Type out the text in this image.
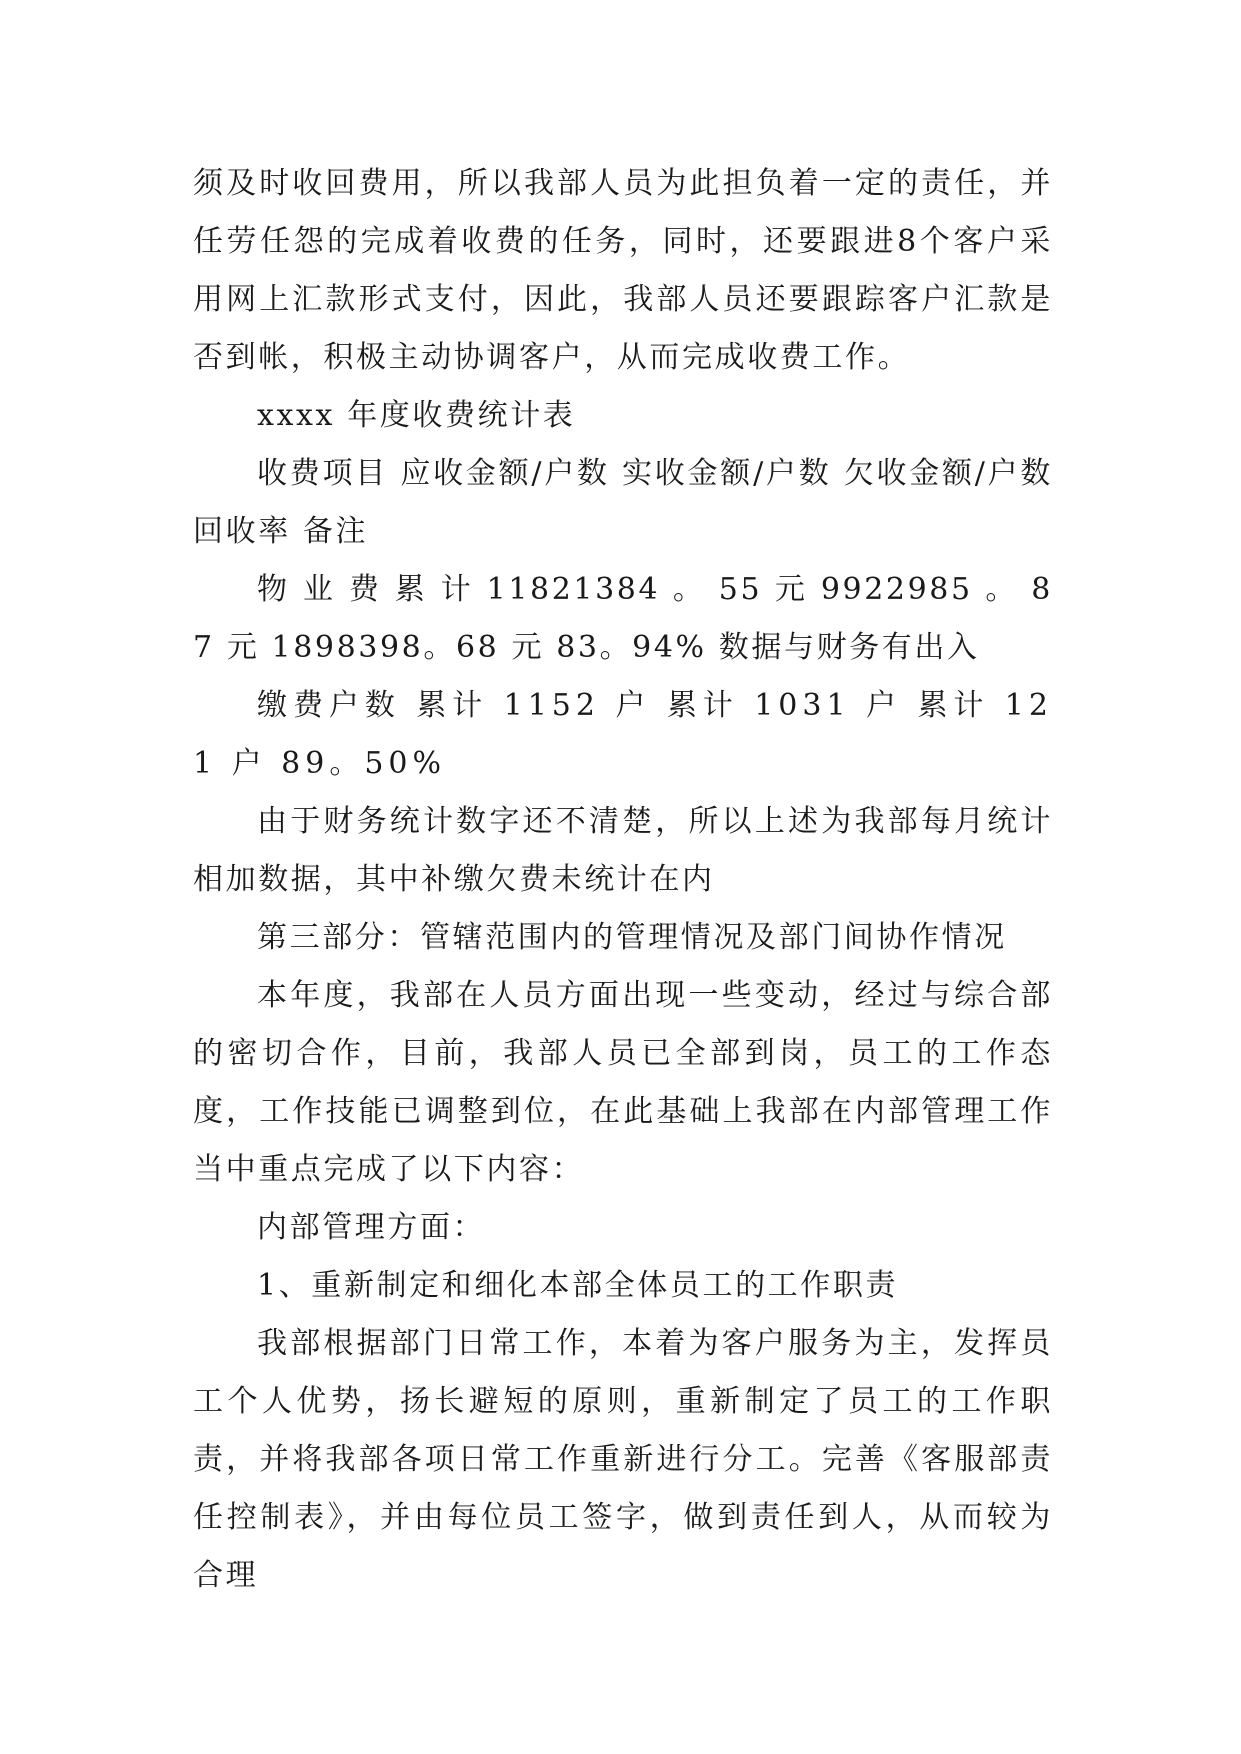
须及时收回费用，所以我部人员为此担负着一定的责任，并任劳任怨的完成着收费的任务，同时，还要跟进8个客户采用网上汇款形式支付，因此，我部人员还要跟踪客户汇款是否到帐，积极主动协调客户，从而完成收费工作。

xxxx 年度收费统计表

收费项目 应收金额/户数 实收金额/户数 欠收金额/户数 回收率 备注

物 业 费 累 计 11821384 。 55 元 9922985 。 87 元 1898398。68 元 83。94% 数据与财务有出入

缴费户数 累计 1152 户 累计 1031 户 累计 121 户 89。50%

由于财务统计数字还不清楚，所以上述为我部每月统计相加数据，其中补缴欠费未统计在内

第三部分：管辖范围内的管理情况及部门间协作情况

本年度，我部在人员方面出现一些变动，经过与综合部的密切合作，目前，我部人员已全部到岗，员工的工作态度，工作技能已调整到位，在此基础上我部在内部管理工作当中重点完成了以下内容：

内部管理方面：

1、重新制定和细化本部全体员工的工作职责

我部根据部门日常工作，本着为客户服务为主，发挥员工个人优势，扬长避短的原则，重新制定了员工的工作职责，并将我部各项日常工作重新进行分工。完善《客服部责任控制表》，并由每位员工签字，做到责任到人，从而较为合理
